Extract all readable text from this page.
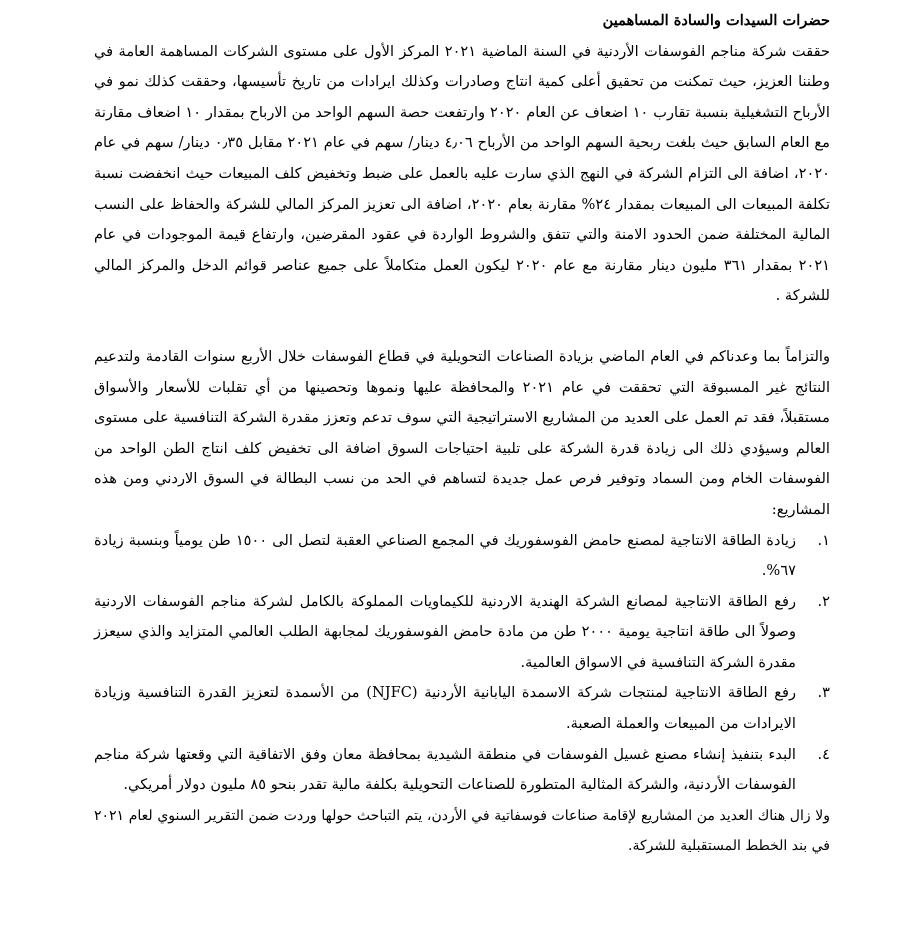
حضرات السيدات والسادة المساهمين

حققت شركة مناجم الفوسفات الأردنية في السنة الماضية ٢٠٢١ المركز الأول على مستوى الشركات المساهمة العامة في وطننا العزيز، حيث تمكنت من تحقيق أعلى كمية انتاج وصادرات وكذلك ايرادات من تاريخ تأسيسها، وحققت كذلك نمو في الأرباح التشغيلية بنسبة تقارب ١٠ اضعاف عن العام ٢٠٢٠ وارتفعت حصة السهم الواحد من الارباح بمقدار ١٠ اضعاف مقارنة مع العام السابق حيث بلغت ربحية السهم الواحد من الأرباح ٤٫٠٦ دينار/ سهم في عام ٢٠٢١ مقابل ٠٫٣٥ دينار/ سهم في عام ٢٠٢٠، اضافة الى التزام الشركة في النهج الذي سارت عليه بالعمل على ضبط وتخفيض كلف المبيعات حيث انخفضت نسبة تكلفة المبيعات الى المبيعات بمقدار ٢٤% مقارنة بعام ٢٠٢٠، اضافة الى تعزيز المركز المالي للشركة والحفاظ على النسب المالية المختلفة ضمن الحدود الامنة والتي تتفق والشروط الواردة في عقود المقرضين، وارتفاع قيمة الموجودات في عام ٢٠٢١ بمقدار ٣٦١ مليون دينار مقارنة مع عام ٢٠٢٠ ليكون العمل متكاملاً على جميع عناصر قوائم الدخل والمركز المالي للشركة .

والتزاماً بما وعدناكم في العام الماضي بزيادة الصناعات التحويلية في قطاع الفوسفات خلال الأربع سنوات القادمة ولتدعيم النتائج غير المسبوقة التي تحققت في عام ٢٠٢١ والمحافظة عليها ونموها وتحصينها من أي تقلبات للأسعار والأسواق مستقبلاً، فقد تم العمل على العديد من المشاريع الاستراتيجية التي سوف تدعم وتعزز مقدرة الشركة التنافسية على مستوى العالم وسيؤدي ذلك الى زيادة قدرة الشركة على تلبية احتياجات السوق اضافة الى تخفيض كلف انتاج الطن الواحد من الفوسفات الخام ومن السماد وتوفير فرص عمل جديدة لتساهم في الحد من نسب البطالة في السوق الاردني ومن هذه المشاريع:

١.
زيادة الطاقة الانتاجية لمصنع حامض الفوسفوريك في المجمع الصناعي العقبة لتصل الى ١٥٠٠ طن يومياً وبنسبة زيادة ٦٧%.
٢.
رفع الطاقة الانتاجية لمصانع الشركة الهندية الاردنية للكيماويات المملوكة بالكامل لشركة مناجم الفوسفات الاردنية وصولاً الى طاقة انتاجية يومية ٢٠٠٠ طن من مادة حامض الفوسفوريك لمجابهة الطلب العالمي المتزايد والذي سيعزز مقدرة الشركة التنافسية في الاسواق العالمية.
٣.
رفع الطاقة الانتاجية لمنتجات شركة الاسمدة اليابانية الأردنية (NJFC) من الأسمدة لتعزيز القدرة التنافسية وزيادة الايرادات من المبيعات والعملة الصعبة.
٤.
البدء بتنفيذ إنشاء مصنع غسيل الفوسفات في منطقة الشيدية بمحافظة معان وفق الاتفاقية التي وقعتها شركة مناجم الفوسفات الأردنية، والشركة المثالية المتطورة للصناعات التحويلية بكلفة مالية تقدر بنحو ٨٥ مليون دولار أمريكي.

ولا زال هناك العديد من المشاريع لإقامة صناعات فوسفاتية في الأردن، يتم التباحث حولها وردت ضمن التقرير السنوي لعام ٢٠٢١ في بند الخطط المستقبلية للشركة.
